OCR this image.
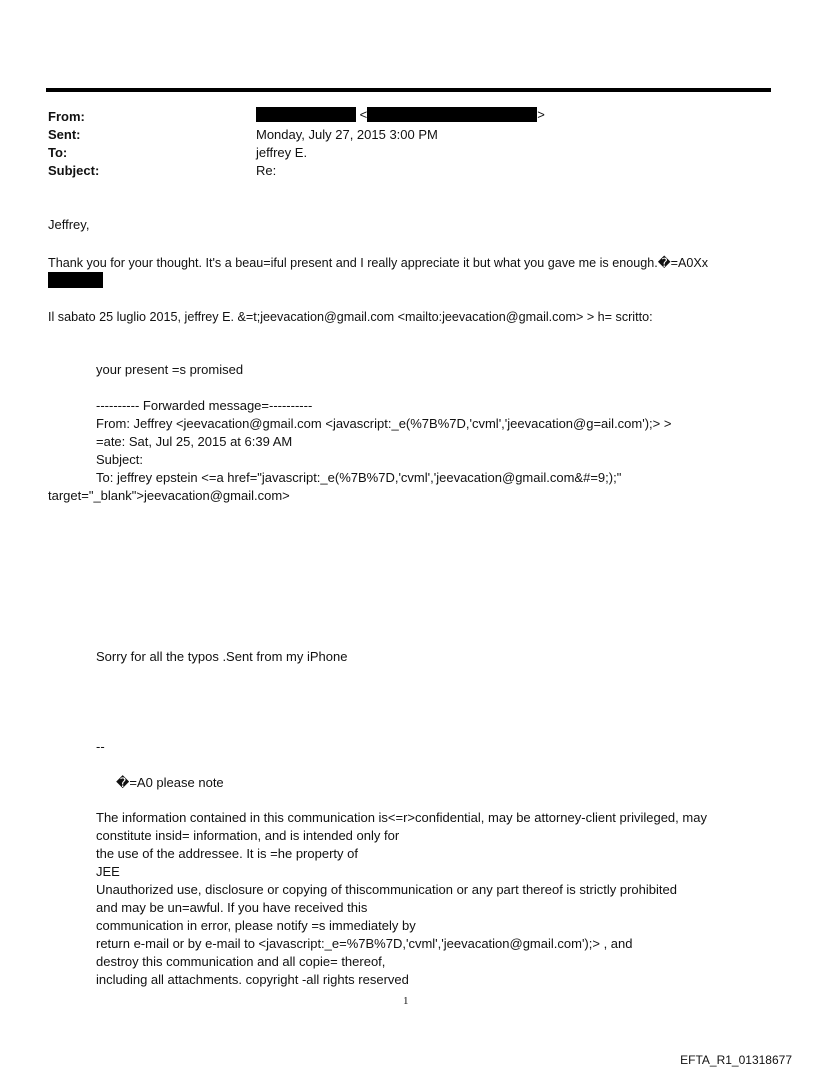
From:
Sent:
To:
Subject:
<	>
Monday, July 27, 2015 3:00 PM
jeffrey E.
Re:
Jeffrey,
Thank you for your thought. It's a beau=iful present and I really appreciate it but what you gave me is enough.�=A0Xx
Il sabato 25 luglio 2015, jeffrey E. &=t;jeevacation@gmail.com <mailto:jeevacation@gmail.com> > h= scritto:
your present =s promised
---------- Forwarded message=----------
From: Jeffrey <jeevacation@gmail.com <javascript:_e(%7B%7D,'cvml','jeevacation@g=ail.com');> >
=ate: Sat, Jul 25, 2015 at 6:39 AM
Subject:
To: jeffrey epstein <=a href="javascript:_e(%7B%7D,'cvml','jeevacation@gmail.com&#=9;);"
target="_blank">jeevacation@gmail.com>
Sorry for all the typos .Sent from my iPhone
--
�=A0 please note
The information contained in this communication is<=r>confidential, may be attorney-client privileged, may
constitute insid= information, and is intended only for
the use of the addressee. It is =he property of
JEE
Unauthorized use, disclosure or copying of thiscommunication or any part thereof is strictly prohibited
and may be un=awful. If you have received this
communication in error, please notify =s immediately by
return e-mail or by e-mail to <javascript:_e=%7B%7D,'cvml','jeevacation@gmail.com');> , and
destroy this communication and all copie= thereof,
including all attachments. copyright -all rights reserved
1
EFTA_R1_01318677
